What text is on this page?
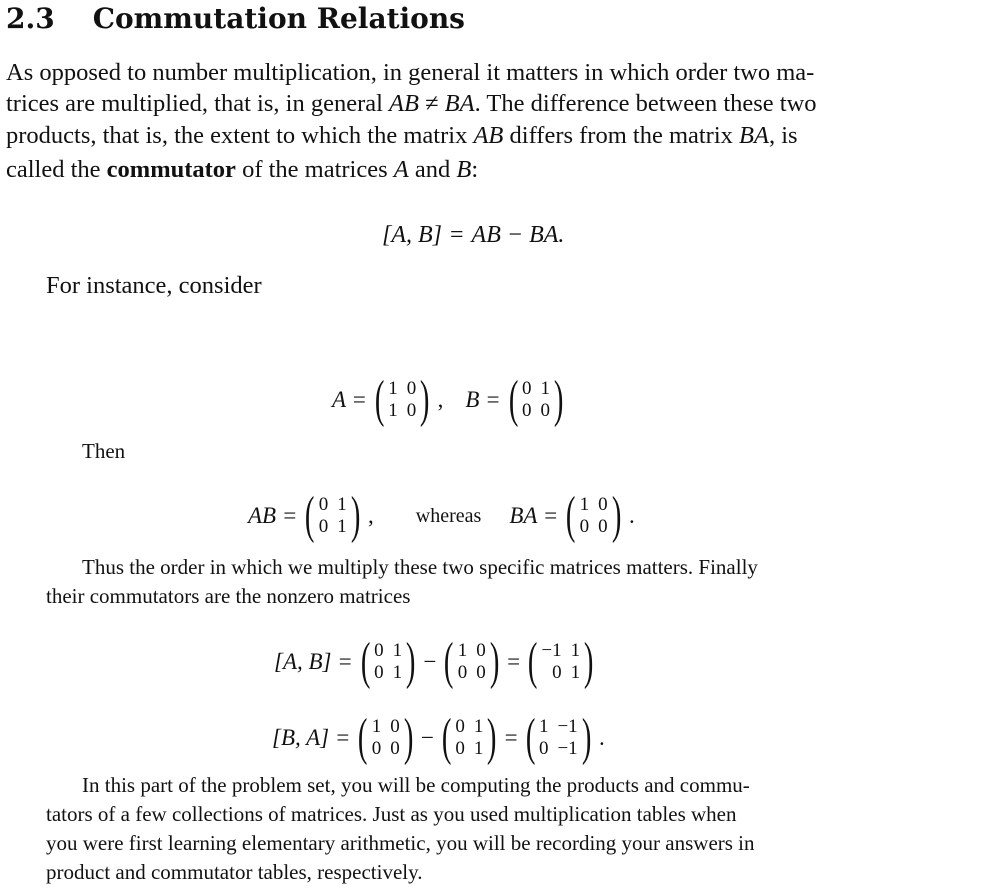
2.3 Commutation Relations
As opposed to number multiplication, in general it matters in which order two ma-
trices are multiplied, that is, in general AB ≠ BA. The difference between these two
products, that is, the extent to which the matrix AB differs from the matrix BA, is
called the commutator of the matrices A and B:
[A, B] = AB − BA.
For instance, consider
A = ( 1 0
1 0 ) , B = ( 0 1
0 0 )
Then
AB = ( 0 1
0 1 ) , whereas BA = ( 1 0
0 0 ) .
Thus the order in which we multiply these two specific matrices matters. Finally
their commutators are the nonzero matrices
[A, B] = ( 0 1
0 1 ) − ( 1 0
0 0 ) = ( −1 1
0 1 )
[B, A] = ( 1 0
0 0 ) − ( 0 1
0 1 ) = ( 1 −1
0 −1 ) .
In this part of the problem set, you will be computing the products and commu-
tators of a few collections of matrices. Just as you used multiplication tables when
you were first learning elementary arithmetic, you will be recording your answers in
product and commutator tables, respectively.
